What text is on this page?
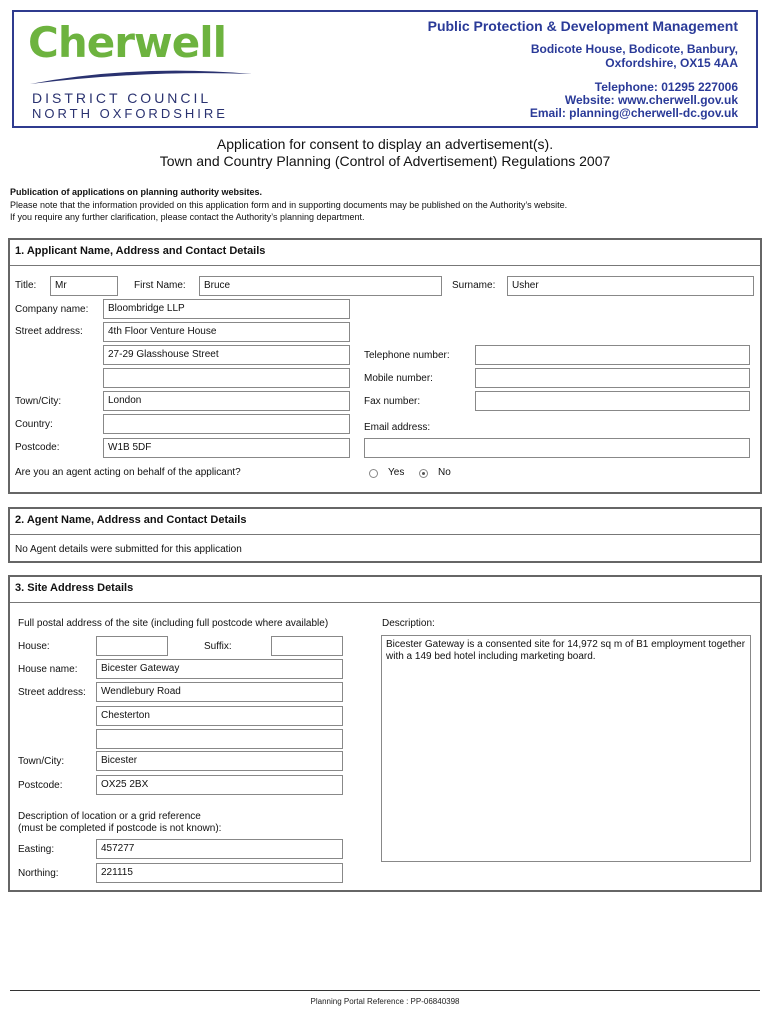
Cherwell
DISTRICT COUNCIL
NORTH OXFORDSHIRE
Public Protection & Development Management
Bodicote House, Bodicote, Banbury,
Oxfordshire, OX15 4AA
Telephone: 01295 227006
Website: www.cherwell.gov.uk
Email: planning@cherwell-dc.gov.uk
Application for consent to display an advertisement(s).
Town and Country Planning (Control of Advertisement) Regulations 2007
Publication of applications on planning authority websites.
Please note that the information provided on this application form and in supporting documents may be published on the Authority’s website.
If you require any further clarification, please contact the Authority’s planning department.
1. Applicant Name, Address and Contact Details
Title:	Mr	First Name:	Bruce	Surname:	Usher
Company name:	Bloombridge LLP
Street address:	4th Floor Venture House
27-29 Glasshouse Street
Town/City:	London
Country:
Postcode:	W1B 5DF
Telephone number:
Mobile number:
Fax number:
Email address:
Are you an agent acting on behalf of the applicant?	Yes	No
2. Agent Name, Address and Contact Details
No Agent details were submitted for this application
3. Site Address Details
Full postal address of the site (including full postcode where available)	Description:
Bicester Gateway is a consented site for 14,972 sq m of B1 employment together with a 149 bed hotel including marketing board.
House:	Suffix:
House name:	Bicester Gateway
Street address:	Wendlebury Road
Chesterton
Town/City:	Bicester
Postcode:	OX25 2BX
Description of location or a grid reference
(must be completed if postcode is not known):
Easting:	457277
Northing:	221115
Planning Portal Reference : PP-06840398
